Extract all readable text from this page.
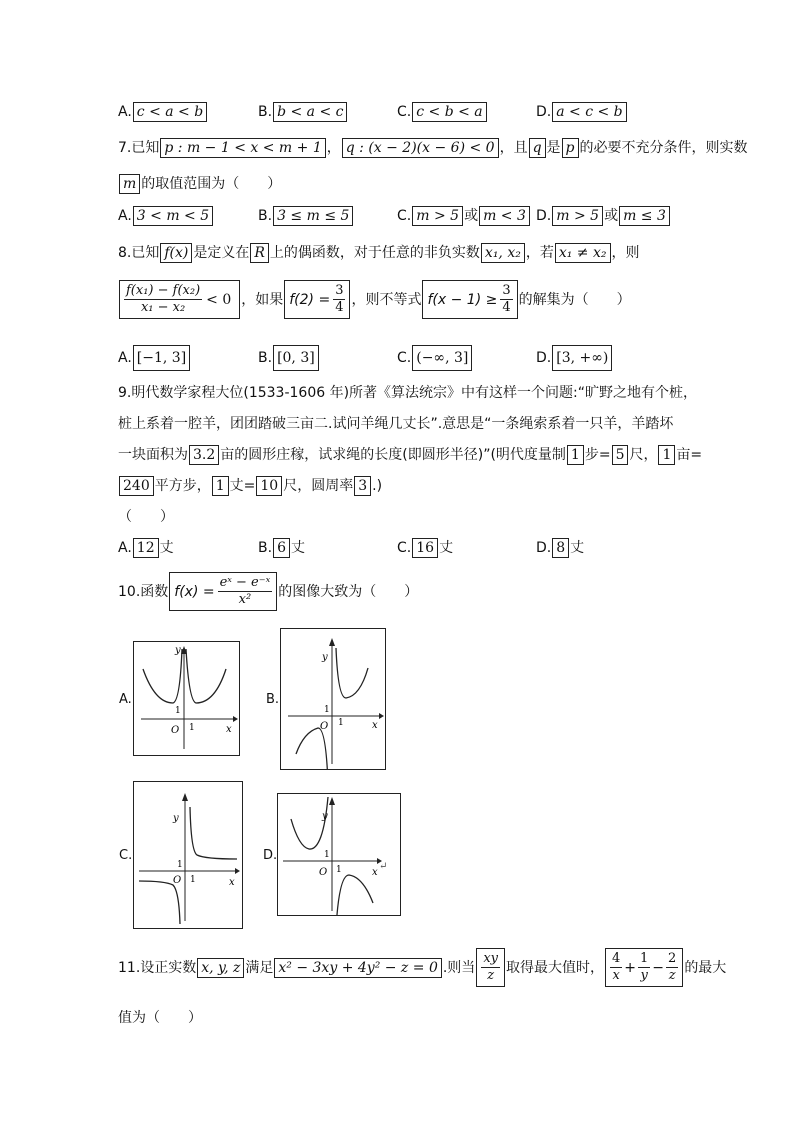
A. c < a < b	B. b < a < c	C. c < b < a	D. a < c < b
7.已知 p : m − 1 < x < m + 1 ， q : (x − 2)(x − 6) < 0 ，且 q 是 p 的必要不充分条件，则实数
m 的取值范围为（　　）
A. 3 < m < 5	B. 3 ≤ m ≤ 5	C. m > 5 或 m < 3 D. m > 5 或 m ≤ 3
8.已知 f(x) 是定义在 R 上的偶函数，对于任意的非负实数 x₁, x₂ ，若 x₁ ≠ x₂ ，则
$\frac{\text{f(x₁) − f(x₂)}}{\text{x₁ − x₂}} < 0$ ，如果 $f(2) = \frac{3}{4}$ ，则不等式 $f(x - 1) \ge \frac{3}{4}$ 的解集为（　　）
A. [−1, 3]	B. [0, 3]	C. (−∞, 3]	D. [3, +∞)
9.明代数学家程大位(1533-1606 年)所著《算法统宗》中有这样一个问题:“旷野之地有个桩，
桩上系着一腔羊，团团踏破三亩二.试问羊绳几丈长”.意思是“一条绳索系着一只羊，羊踏坏
一块面积为 3.2 亩的圆形庄稼，试求绳的长度(即圆形半径)”(明代度量制 1 步= 5 尺， 1 亩=
240 平方步， 1 丈= 10 尺，圆周率 3 .)
（　　）
A. 12 丈	B. 6 丈	C. 16 丈	D. 8 丈
10.函数 $f(x) = \frac{\text{eˣ − e⁻ˣ}}{\text{x²}}$ 的图像大致为（　　）
A.
y
x
O
1
1
B.
y
x
O
1
1
C.
y
x
O
1
1
D.
y
x
O
1
1	↵
11.设正实数 x, y, z 满足 x² − 3xy + 4y² − z = 0 .则当 $\frac{xy}{z}$ 取得最大值时， $\frac{4}{x} + \frac{1}{y} - \frac{2}{z}$ 的最大
值为（　　）
